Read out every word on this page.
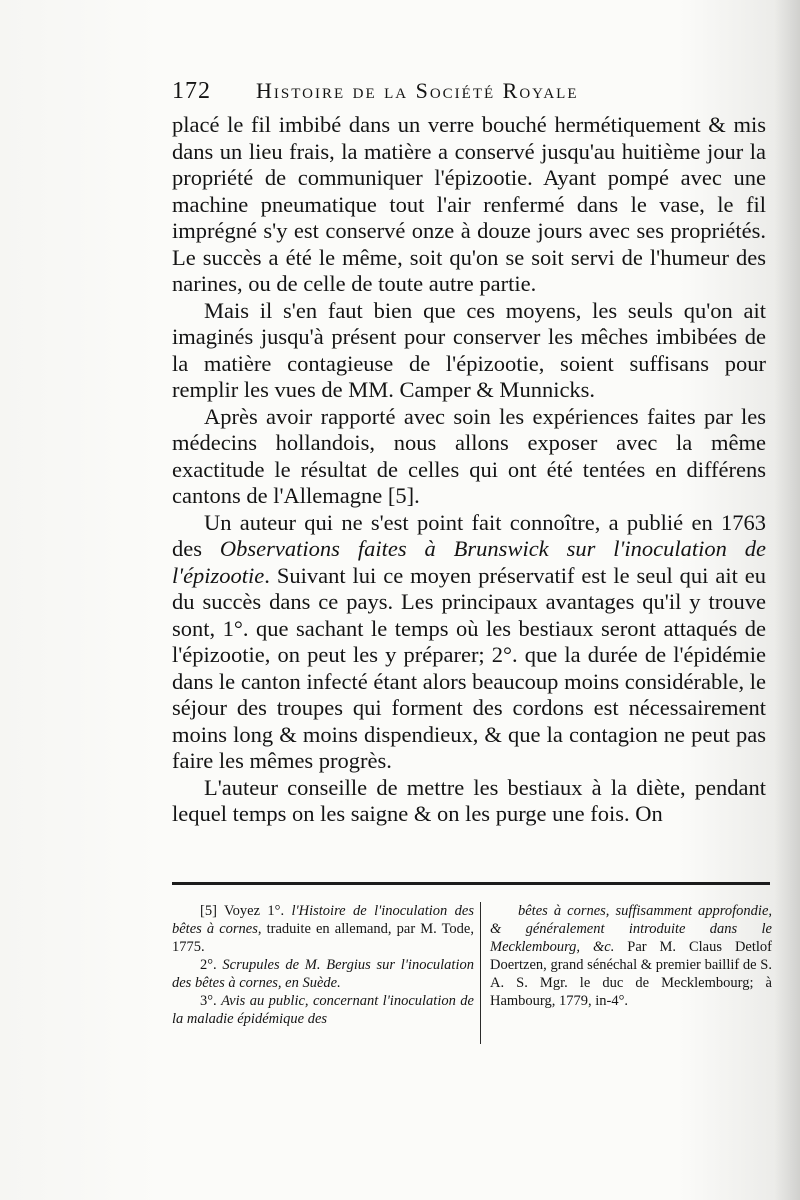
172 Histoire de la Société Royale

placé le fil imbibé dans un verre bouché hermétiquement & mis dans un lieu frais, la matière a conservé jusqu'au huitième jour la propriété de communiquer l'épizootie. Ayant pompé avec une machine pneumatique tout l'air renfermé dans le vase, le fil imprégné s'y est conservé onze à douze jours avec ses propriétés. Le succès a été le même, soit qu'on se soit servi de l'humeur des narines, ou de celle de toute autre partie.

Mais il s'en faut bien que ces moyens, les seuls qu'on ait imaginés jusqu'à présent pour conserver les mêches imbibées de la matière contagieuse de l'épizootie, soient suffisans pour remplir les vues de MM. Camper & Munnicks.

Après avoir rapporté avec soin les expériences faites par les médecins hollandois, nous allons exposer avec la même exactitude le résultat de celles qui ont été tentées en différens cantons de l'Allemagne [5].

Un auteur qui ne s'est point fait connoître, a publié en 1763 des Observations faites à Brunswick sur l'inoculation de l'épizootie. Suivant lui ce moyen préservatif est le seul qui ait eu du succès dans ce pays. Les principaux avantages qu'il y trouve sont, 1°. que sachant le temps où les bestiaux seront attaqués de l'épizootie, on peut les y préparer; 2°. que la durée de l'épidémie dans le canton infecté étant alors beaucoup moins considérable, le séjour des troupes qui forment des cordons est nécessairement moins long & moins dispendieux, & que la contagion ne peut pas faire les mêmes progrès.

L'auteur conseille de mettre les bestiaux à la diète, pendant lequel temps on les saigne & on les purge une fois. On

[5] Voyez 1°. l'Histoire de l'inoculation des bêtes à cornes, traduite en allemand, par M. Tode, 1775.

2°. Scrupules de M. Bergius sur l'inoculation des bêtes à cornes, en Suède.

3°. Avis au public, concernant l'inoculation de la maladie épidémique des

bêtes à cornes, suffisamment approfondie, & généralement introduite dans le Mecklembourg, &c. Par M. Claus Detlof Doertzen, grand sénéchal & premier baillif de S. A. S. Mgr. le duc de Mecklembourg; à Hambourg, 1779, in-4°.
